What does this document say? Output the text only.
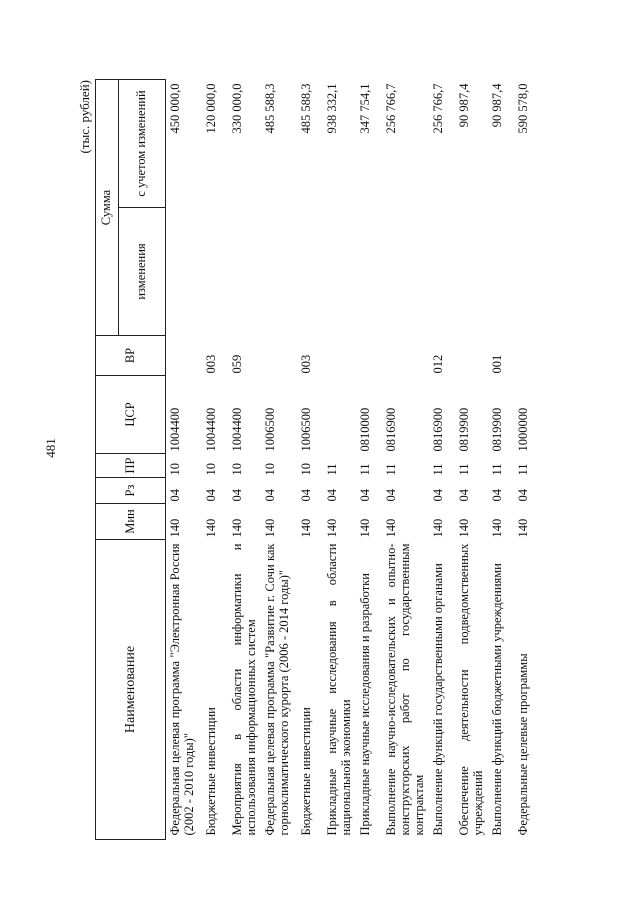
481
(тыс. рублей)
Наименование	Мин	Рз	ПР	ЦСР	ВР	Сумма	
						изменения	с учетом изменений
Федеральная целевая программа "Электронная Россия (2002 - 2010 годы)"	140	04	10	1004400			450 000,0
Бюджетные инвестиции	140	04	10	1004400	003		120 000,0
Мероприятия в области информатики и использования информационных систем	140	04	10	1004400	059		330 000,0
Федеральная целевая программа "Развитие г. Сочи как горноклиматического курорта (2006 - 2014 годы)"	140	04	10	1006500			485 588,3
Бюджетные инвестиции	140	04	10	1006500	003		485 588,3
Прикладные научные исследования в области национальной экономики	140	04	11				938 332,1
Прикладные научные исследования и разработки	140	04	11	0810000			347 754,1
Выполнение научно-исследовательских и опытно-конструкторских работ по государственным контрактам	140	04	11	0816900			256 766,7
Выполнение функций государственными органами	140	04	11	0816900	012		256 766,7
Обеспечение деятельности подведомственных учреждений	140	04	11	0819900			90 987,4
Выполнение функций бюджетными учреждениями	140	04	11	0819900	001		90 987,4
Федеральные целевые программы	140	04	11	1000000			590 578,0
